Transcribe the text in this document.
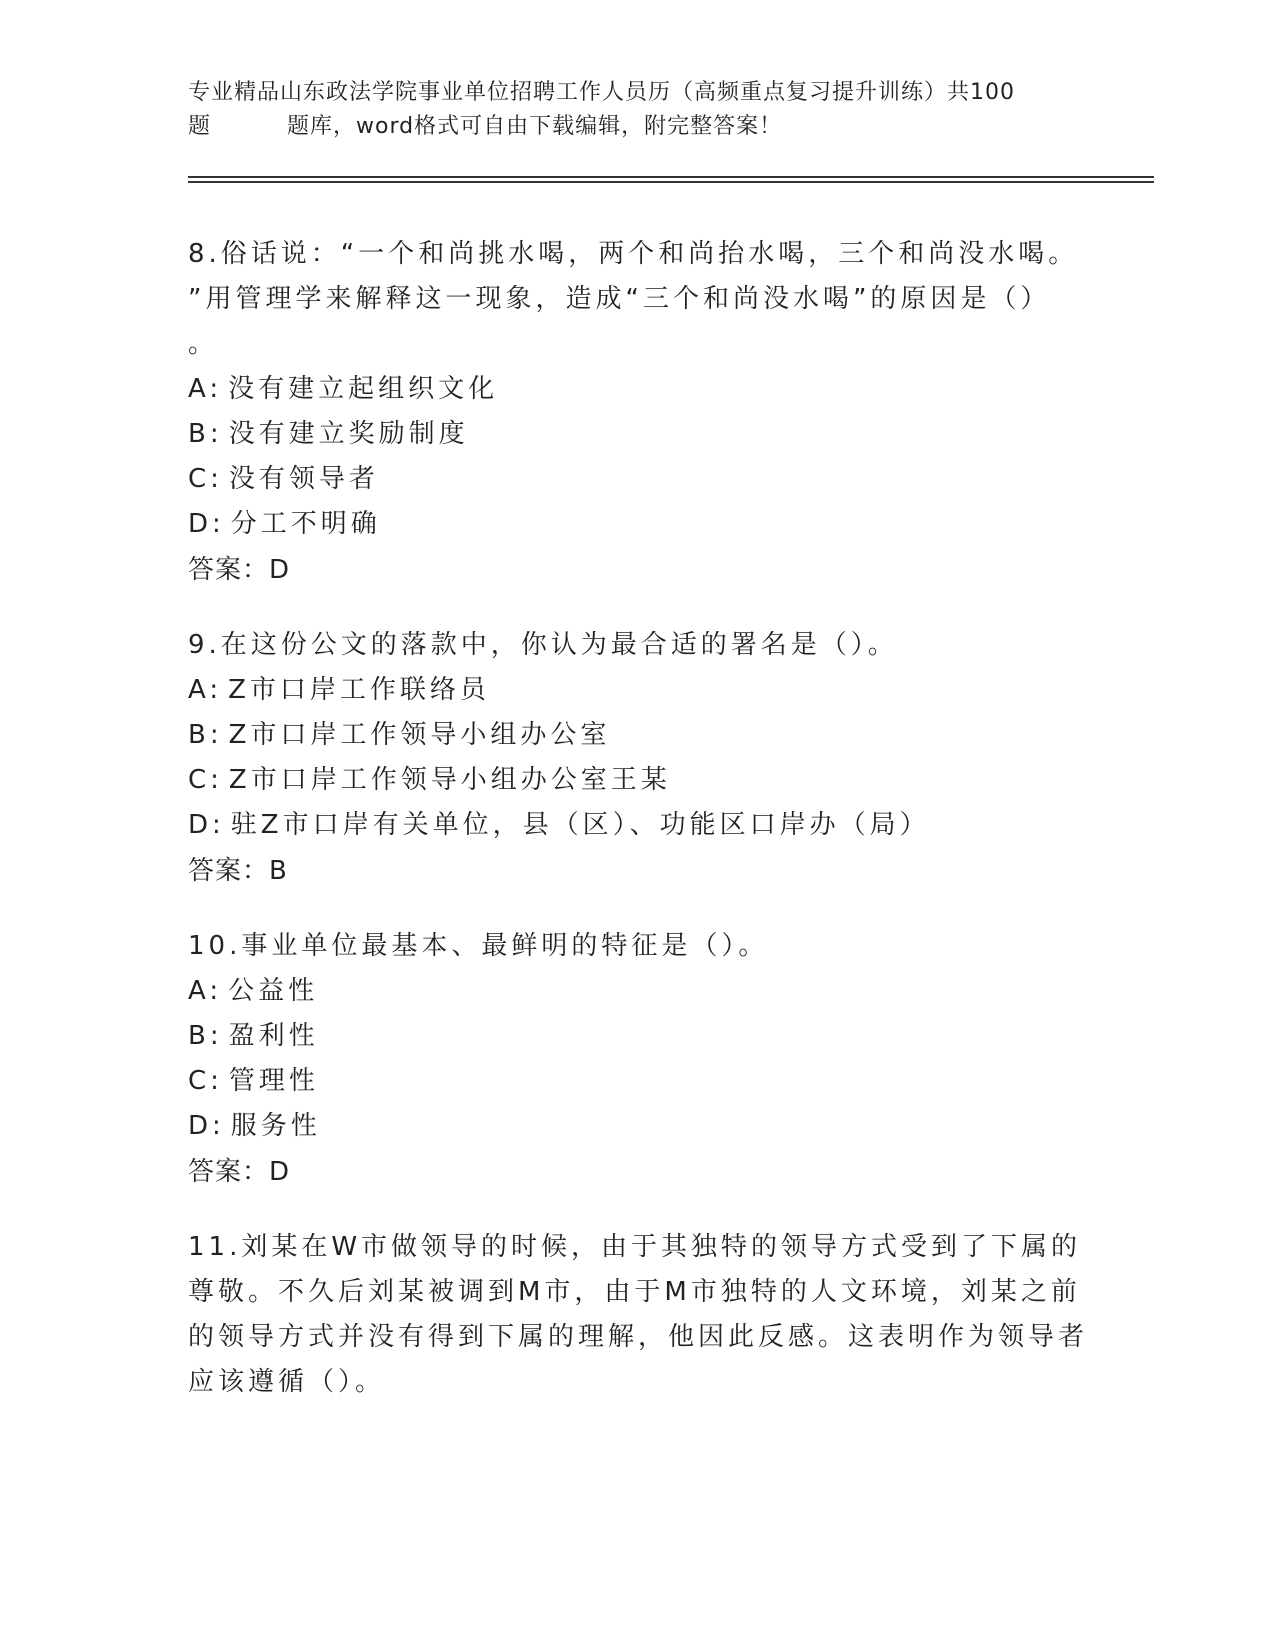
专业精品山东政法学院事业单位招聘工作人员历（高频重点复习提升训练）共100
题	题库，word格式可自由下载编辑，附完整答案！

8.俗话说：“一个和尚挑水喝，两个和尚抬水喝，三个和尚没水喝。
”用管理学来解释这一现象，造成“三个和尚没水喝”的原因是（）
。

A: 没有建立起组织文化

B: 没有建立奖励制度

C: 没有领导者

D: 分工不明确

答案：D

9.在这份公文的落款中，你认为最合适的署名是（）。

A: Z市口岸工作联络员

B: Z市口岸工作领导小组办公室

C: Z市口岸工作领导小组办公室王某

D: 驻Z市口岸有关单位，县（区）、功能区口岸办（局）

答案：B

10.事业单位最基本、最鲜明的特征是（）。

A: 公益性

B: 盈利性

C: 管理性

D: 服务性

答案：D

11.刘某在W市做领导的时候，由于其独特的领导方式受到了下属的尊敬。不久后刘某被调到M市，由于M市独特的人文环境，刘某之前的领导方式并没有得到下属的理解，他因此反感。这表明作为领导者应该遵循（）。
